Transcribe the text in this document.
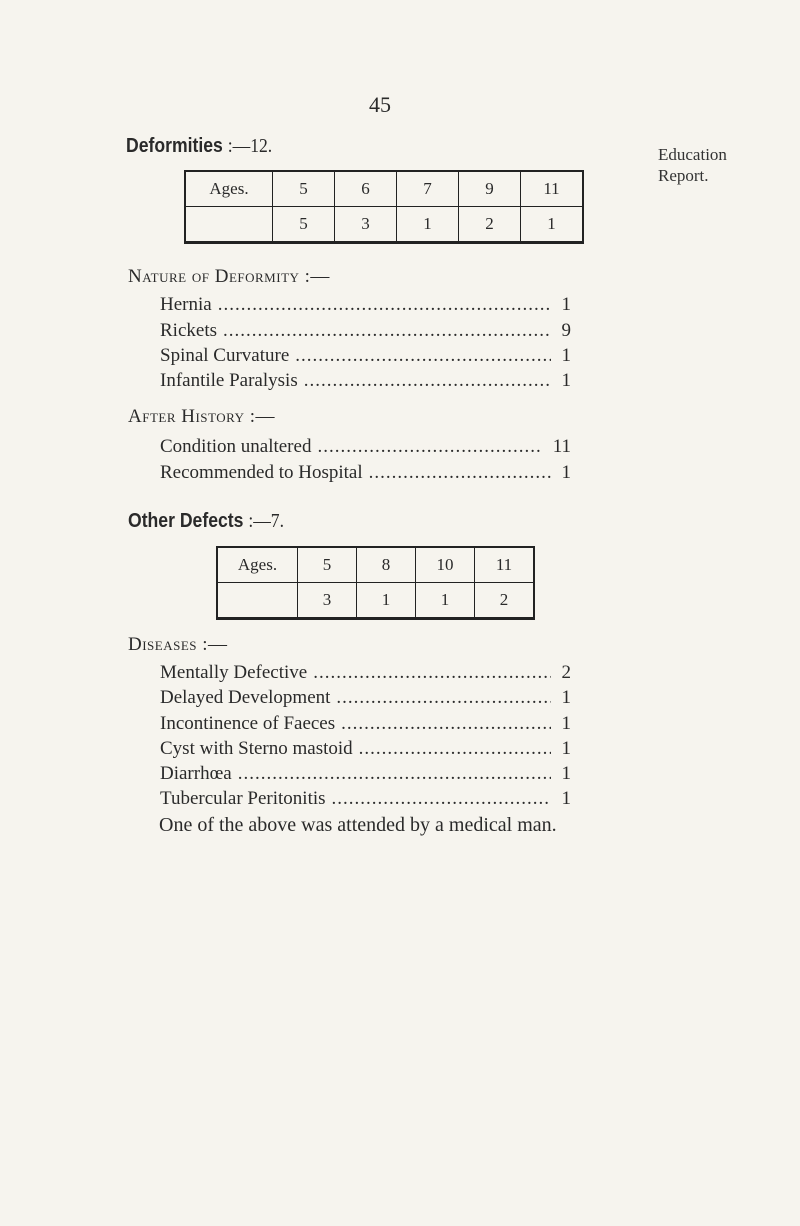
45
Education
Report.
Deformities :—12.
Ages.	5	6	7	9	11
	5	3	1	2	1
Nature of Deformity :—
Hernia .....	1
Rickets .....	9
Spinal Curvature .....	1
Infantile Paralysis .....	1
After History :—
Condition unaltered .....	11
Recommended to Hospital .....	1
Other Defects :—7.
Ages.	5	8	10	11
	3	1	1	2
Diseases :—
Mentally Defective .....	2
Delayed Development .....	1
Incontinence of Faeces .....	1
Cyst with Sterno mastoid .....	1
Diarrhœa .....	1
Tubercular Peritonitis .....	1
One of the above was attended by a medical man.
